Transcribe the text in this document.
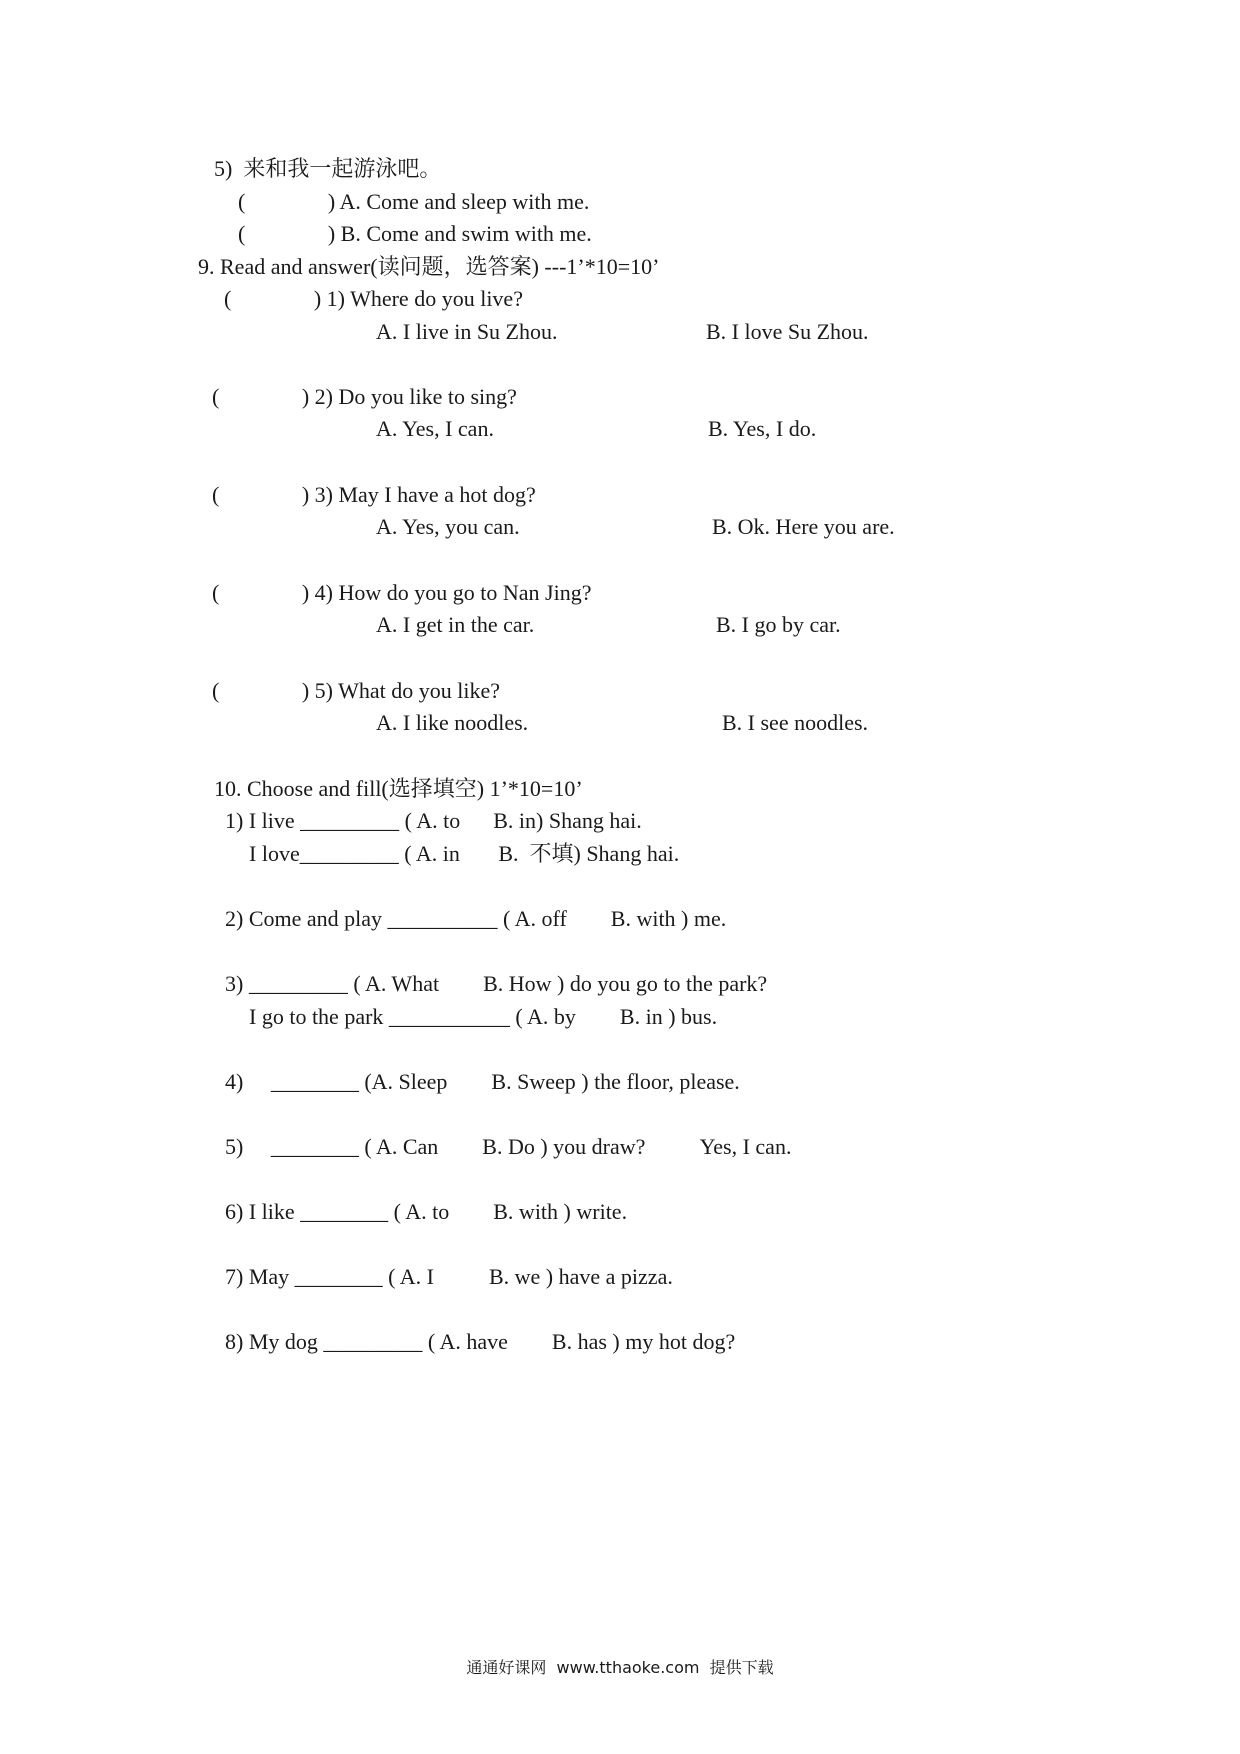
5)  来和我一起游泳吧。
(               ) A. Come and sleep with me.
(               ) B. Come and swim with me.
9. Read and answer(读问题，选答案) ---1’*10=10’
(               ) 1) Where do you live?
A. I live in Su Zhou.	B. I love Su Zhou.
(               ) 2) Do you like to sing?
A. Yes, I can.	B. Yes, I do.
(               ) 3) May I have a hot dog?
A. Yes, you can.	B. Ok. Here you are.
(               ) 4) How do you go to Nan Jing?
A. I get in the car.	B. I go by car.
(               ) 5) What do you like?
A. I like noodles.	B. I see noodles.
10. Choose and fill(选择填空) 1’*10=10’
1) I live _________ ( A. to      B. in) Shang hai.
I love_________ ( A. in       B.  不填) Shang hai.
2) Come and play __________ ( A. off        B. with ) me.
3) _________ ( A. What        B. How ) do you go to the park?
I go to the park ___________ ( A. by        B. in ) bus.
4)     ________ (A. Sleep        B. Sweep ) the floor, please.
5)     ________ ( A. Can        B. Do ) you draw?          Yes, I can.
6) I like ________ ( A. to        B. with ) write.
7) May ________ ( A. I          B. we ) have a pizza.
8) My dog _________ ( A. have        B. has ) my hot dog?
通通好课网  www.tthaoke.com  提供下载
